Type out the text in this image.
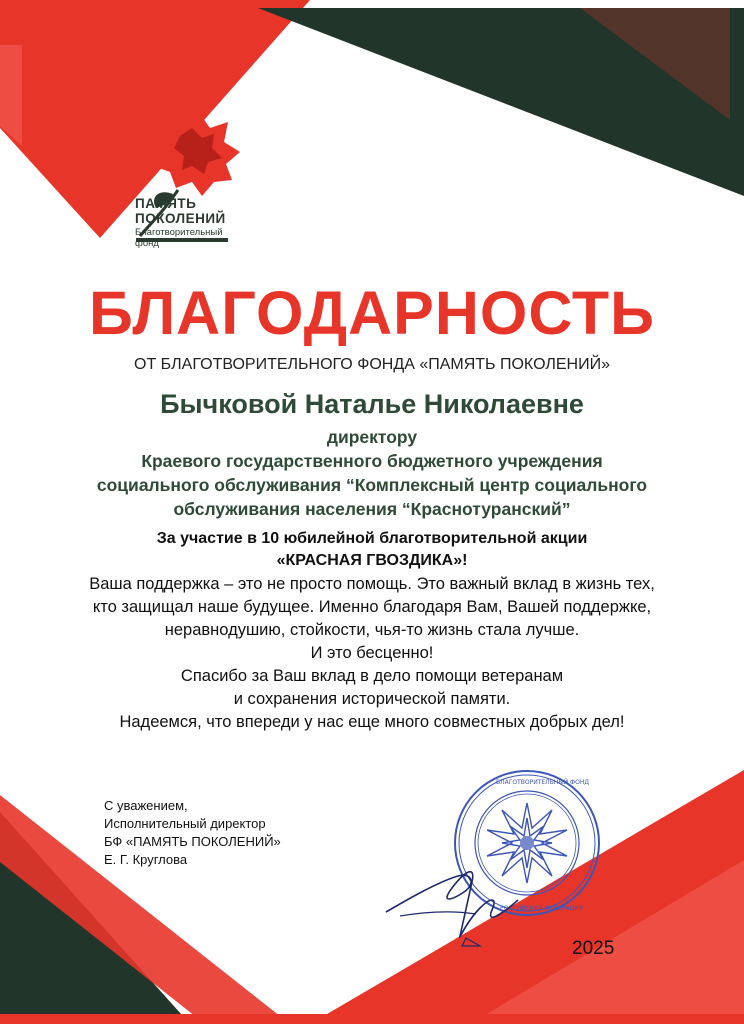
ПАМЯТЬ
ПОКОЛЕНИЙ
Благотворительный
фонд
БЛАГОДАРНОСТЬ
ОТ БЛАГОТВОРИТЕЛЬНОГО ФОНДА «ПАМЯТЬ ПОКОЛЕНИЙ»
Бычковой Наталье Николаевне
директору
Краевого государственного бюджетного учреждения
социального обслуживания “Комплексный центр социального
обслуживания населения “Краснотуранский”
За участие в 10 юбилейной благотворительной акции
«КРАСНАЯ ГВОЗДИКА»!
Ваша поддержка – это не просто помощь. Это важный вклад в жизнь тех,
кто защищал наше будущее. Именно благодаря Вам, Вашей поддержке,
неравнодушию, стойкости, чья-то жизнь стала лучше.
И это бесценно!
Спасибо за Ваш вклад в дело помощи ветеранам
и сохранения исторической памяти.
Надеемся, что впереди у нас еще много совместных добрых дел!
С уважением,
Исполнительный директор
БФ «ПАМЯТЬ ПОКОЛЕНИЙ»
Е. Г. Круглова
БЛАГОТВОРИТЕЛЬНЫЙ ФОНД
РОССИЙСКАЯ ФЕДЕРАЦИЯ
2025
